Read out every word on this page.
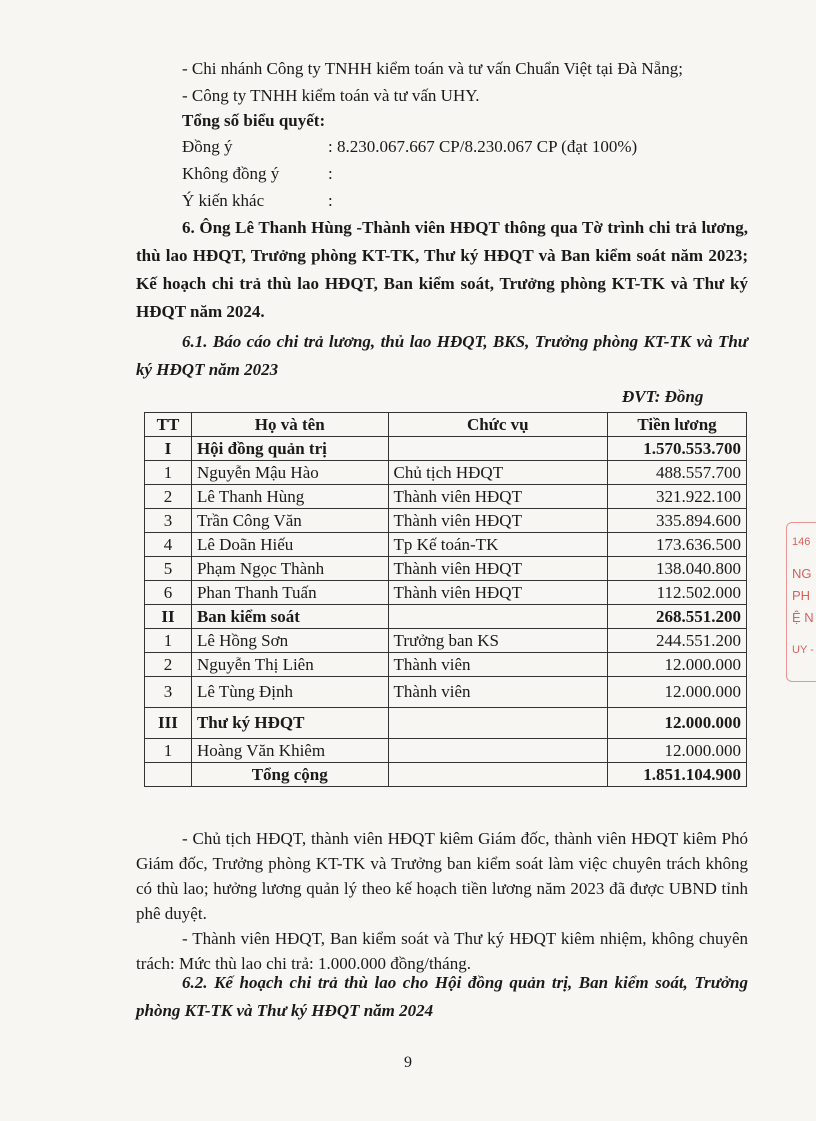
- Chi nhánh Công ty TNHH kiểm toán và tư vấn Chuẩn Việt tại Đà Nẵng;
- Công ty TNHH kiểm toán và tư vấn UHY.
Tổng số biểu quyết:
Đồng ý	: 8.230.067.667 CP/8.230.067 CP (đạt 100%)
Không đồng ý	:
Ý kiến khác	:
6. Ông Lê Thanh Hùng -Thành viên HĐQT thông qua Tờ trình chi trả lương, thù lao HĐQT, Trưởng phòng KT-TK, Thư ký HĐQT và Ban kiểm soát năm 2023; Kế hoạch chi trả thù lao HĐQT, Ban kiểm soát, Trưởng phòng KT-TK và Thư ký HĐQT năm 2024.
6.1. Báo cáo chi trả lương, thủ lao HĐQT, BKS, Trưởng phòng KT-TK và Thư ký HĐQT năm 2023
ĐVT: Đồng
TT	Họ và tên	Chức vụ	Tiền lương
I	Hội đồng quản trị		1.570.553.700
1	Nguyễn Mậu Hào	Chủ tịch HĐQT	488.557.700
2	Lê Thanh Hùng	Thành viên HĐQT	321.922.100
3	Trần Công Văn	Thành viên HĐQT	335.894.600
4	Lê Doãn Hiếu	Tp Kế toán-TK	173.636.500
5	Phạm Ngọc Thành	Thành viên HĐQT	138.040.800
6	Phan Thanh Tuấn	Thành viên HĐQT	112.502.000
II	Ban kiểm soát		268.551.200
1	Lê Hồng Sơn	Trưởng ban KS	244.551.200
2	Nguyễn Thị Liên	Thành viên	12.000.000
3	Lê Tùng Định	Thành viên	12.000.000
III	Thư ký HĐQT		12.000.000
1	Hoàng Văn Khiêm		12.000.000
	Tổng cộng		1.851.104.900
- Chủ tịch HĐQT, thành viên HĐQT kiêm Giám đốc, thành viên HĐQT kiêm Phó Giám đốc, Trưởng phòng KT-TK và Trưởng ban kiểm soát làm việc chuyên trách không có thù lao; hưởng lương quản lý theo kế hoạch tiền lương năm 2023 đã được UBND tỉnh phê duyệt.
- Thành viên HĐQT, Ban kiểm soát và Thư ký HĐQT kiêm nhiệm, không chuyên trách: Mức thù lao chi trả: 1.000.000 đồng/tháng.
6.2. Kế hoạch chi trả thù lao cho Hội đồng quản trị, Ban kiểm soát, Trưởng phòng KT-TK và Thư ký HĐQT năm 2024
9
146
NG
PH
Ệ N
UY -
